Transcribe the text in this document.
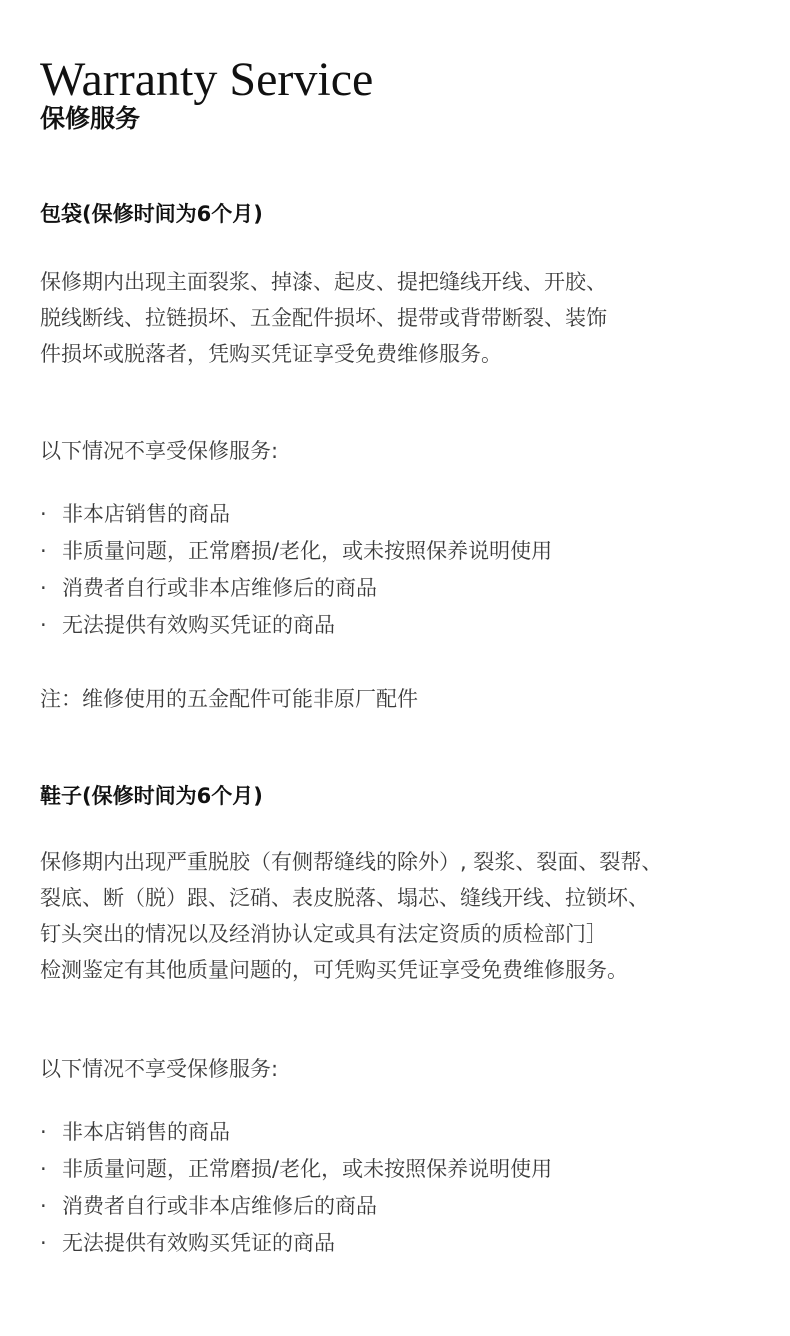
Warranty Service
保修服务
包袋(保修时间为6个月)
保修期内出现主面裂浆、掉漆、起皮、提把缝线开线、开胶、
脱线断线、拉链损坏、五金配件损坏、提带或背带断裂、装饰
件损坏或脱落者，凭购买凭证享受免费维修服务。
以下情况不享受保修服务:
· 非本店销售的商品
· 非质量问题，正常磨损/老化，或未按照保养说明使用
· 消费者自行或非本店维修后的商品
· 无法提供有效购买凭证的商品
注：维修使用的五金配件可能非原厂配件
鞋子(保修时间为6个月)
保修期内出现严重脱胶（有侧帮缝线的除外）, 裂浆、裂面、裂帮、
裂底、断（脱）跟、泛硝、表皮脱落、塌芯、缝线开线、拉锁坏、
钉头突出的情况以及经消协认定或具有法定资质的质检部门］
检测鉴定有其他质量问题的，可凭购买凭证享受免费维修服务。
以下情况不享受保修服务:
· 非本店销售的商品
· 非质量问题，正常磨损/老化，或未按照保养说明使用
· 消费者自行或非本店维修后的商品
· 无法提供有效购买凭证的商品
